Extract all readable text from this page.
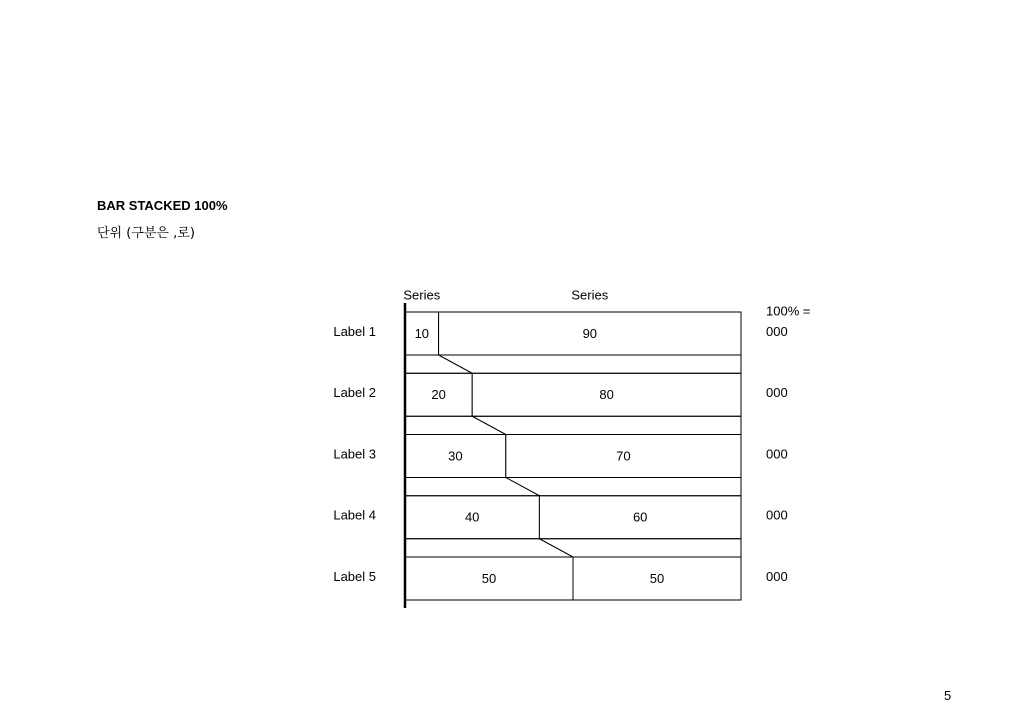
BAR STACKED 100%
단위 (구분은 ,로)
Series	Series
100% =
10	90
Label 1	000
20	80
Label 2	000
30	70
Label 3	000
40	60
Label 4	000
50	50
Label 5	000
5
